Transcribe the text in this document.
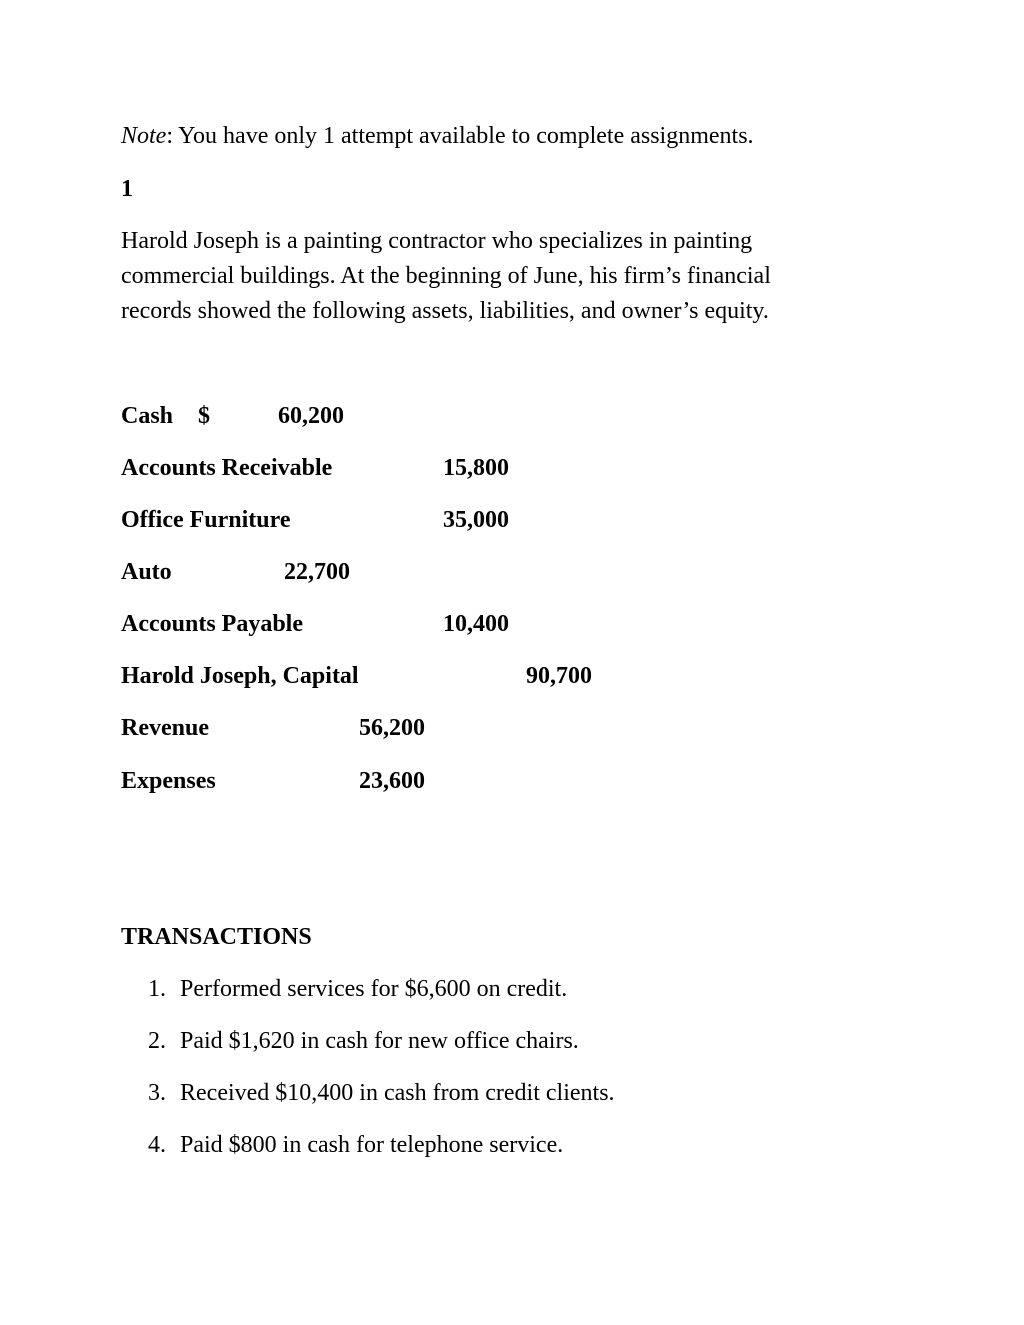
Note: You have only 1 attempt available to complete assignments.
1
Harold Joseph is a painting contractor who specializes in painting
commercial buildings. At the beginning of June, his firm’s financial
records showed the following assets, liabilities, and owner’s equity.
Cash $	60,200
Accounts Receivable	15,800
Office Furniture	35,000
Auto	22,700
Accounts Payable	10,400
Harold Joseph, Capital	90,700
Revenue	56,200
Expenses	23,600
TRANSACTIONS
1. Performed services for $6,600 on credit.
2. Paid $1,620 in cash for new office chairs.
3. Received $10,400 in cash from credit clients.
4. Paid $800 in cash for telephone service.
